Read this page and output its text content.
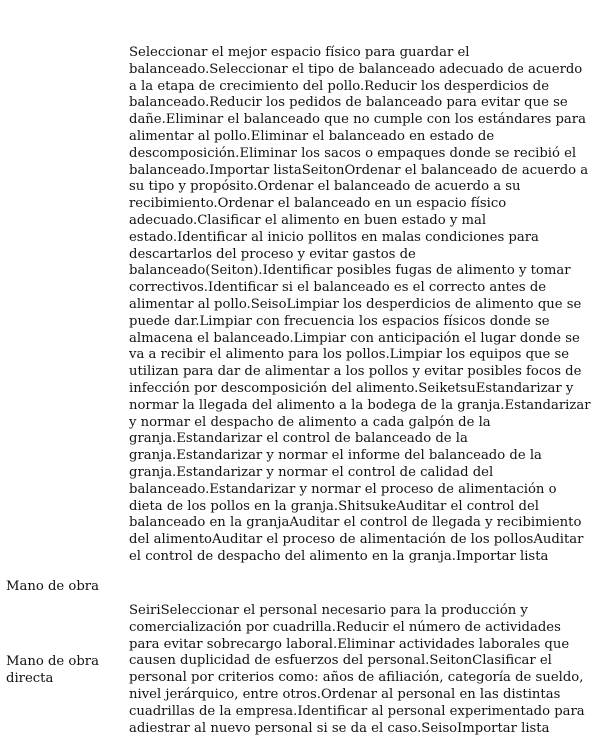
Seleccionar el mejor espacio físico para guardar el balanceado.Seleccionar el tipo de balanceado adecuado de acuerdo a la etapa de crecimiento del pollo.Reducir los desperdicios de balanceado.Reducir los pedidos de balanceado para evitar que se dañe.Eliminar el balanceado que no cumple con los estándares para alimentar al pollo.Eliminar el balanceado en estado de descomposición.Eliminar los sacos o empaques donde se recibió el balanceado.Importar listaSeitonOrdenar el balanceado de acuerdo a su tipo y propósito.Ordenar el balanceado de acuerdo a su recibimiento.Ordenar el balanceado en un espacio físico adecuado.Clasificar el alimento en buen estado y mal estado.Identificar al inicio pollitos en malas condiciones para descartarlos del proceso y evitar gastos de balanceado(Seiton).Identificar posibles fugas de alimento y tomar correctivos.Identificar si el balanceado es el correcto antes de alimentar al pollo.SeisoLimpiar los desperdicios de alimento que se puede dar.Limpiar con frecuencia los espacios físicos donde se almacena el balanceado.Limpiar con anticipación el lugar donde se va a recibir el alimento para los pollos.Limpiar los equipos que se utilizan para dar de alimentar a los pollos y evitar posibles focos de infección por descomposición del alimento.SeiketsuEstandarizar y normar la llegada del alimento a la bodega de la granja.Estandarizar y normar el despacho de alimento a cada galpón de la granja.Estandarizar el control de balanceado de la granja.Estandarizar y normar el informe del balanceado de la granja.Estandarizar y normar el control de calidad del balanceado.Estandarizar y normar el proceso de alimentación o dieta de los pollos en la granja.ShitsukeAuditar el control del balanceado en la granjaAuditar el control de llegada y recibimiento del alimentoAuditar el proceso de alimentación de los pollosAuditar el control de despacho del alimento en la granja.Importar lista
Mano de obra
Mano de obra directa
SeiriSeleccionar el personal necesario para la producción y comercialización por cuadrilla.Reducir el número de actividades para evitar sobrecargo laboral.Eliminar actividades laborales que causen duplicidad de esfuerzos del personal.SeitonClasificar el personal por criterios como: años de afiliación, categoría de sueldo, nivel jerárquico, entre otros.Ordenar al personal en las distintas cuadrillas de la empresa.Identificar al personal experimentado para adiestrar al nuevo personal si se da el caso.SeisoImportar lista
